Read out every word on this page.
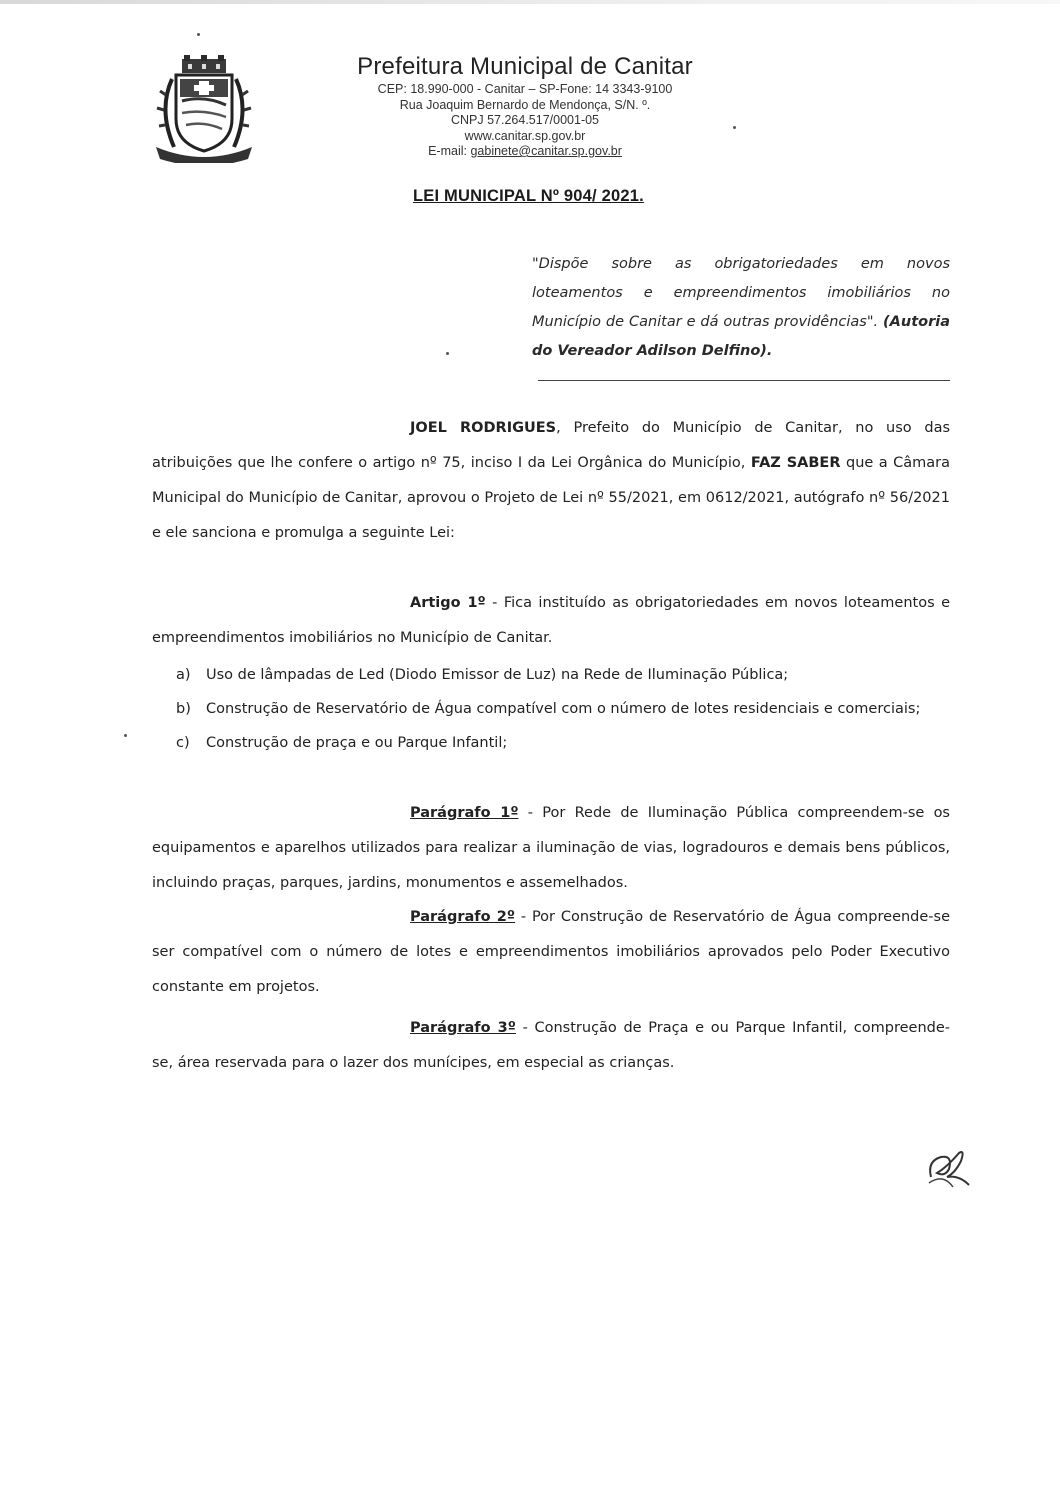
Prefeitura Municipal de Canitar
CEP: 18.990-000 - Canitar – SP-Fone: 14 3343-9100
Rua Joaquim Bernardo de Mendonça, S/N. º.
CNPJ 57.264.517/0001-05
www.canitar.sp.gov.br
E-mail: gabinete@canitar.sp.gov.br
LEI MUNICIPAL Nº 904/ 2021.
"Dispõe sobre as obrigatoriedades em novos loteamentos e empreendimentos imobiliários no Município de Canitar e dá outras providências". (Autoria do Vereador Adilson Delfino).
JOEL RODRIGUES, Prefeito do Município de Canitar, no uso das atribuições que lhe confere o artigo nº 75, inciso I da Lei Orgânica do Município, FAZ SABER que a Câmara Municipal do Município de Canitar, aprovou o Projeto de Lei nº 55/2021, em 0612/2021, autógrafo nº 56/2021 e ele sanciona e promulga a seguinte Lei:
Artigo 1º - Fica instituído as obrigatoriedades em novos loteamentos e empreendimentos imobiliários no Município de Canitar.
a)	Uso de lâmpadas de Led (Diodo Emissor de Luz) na Rede de Iluminação Pública;
b)	Construção de Reservatório de Água compatível com o número de lotes residenciais e comerciais;
c)	Construção de praça e ou Parque Infantil;
Parágrafo 1º - Por Rede de Iluminação Pública compreendem-se os equipamentos e aparelhos utilizados para realizar a iluminação de vias, logradouros e demais bens públicos, incluindo praças, parques, jardins, monumentos e assemelhados.
Parágrafo 2º - Por Construção de Reservatório de Água compreende-se ser compatível com o número de lotes e empreendimentos imobiliários aprovados pelo Poder Executivo constante em projetos.
Parágrafo 3º - Construção de Praça e ou Parque Infantil, compreende-se, área reservada para o lazer dos munícipes, em especial as crianças.
